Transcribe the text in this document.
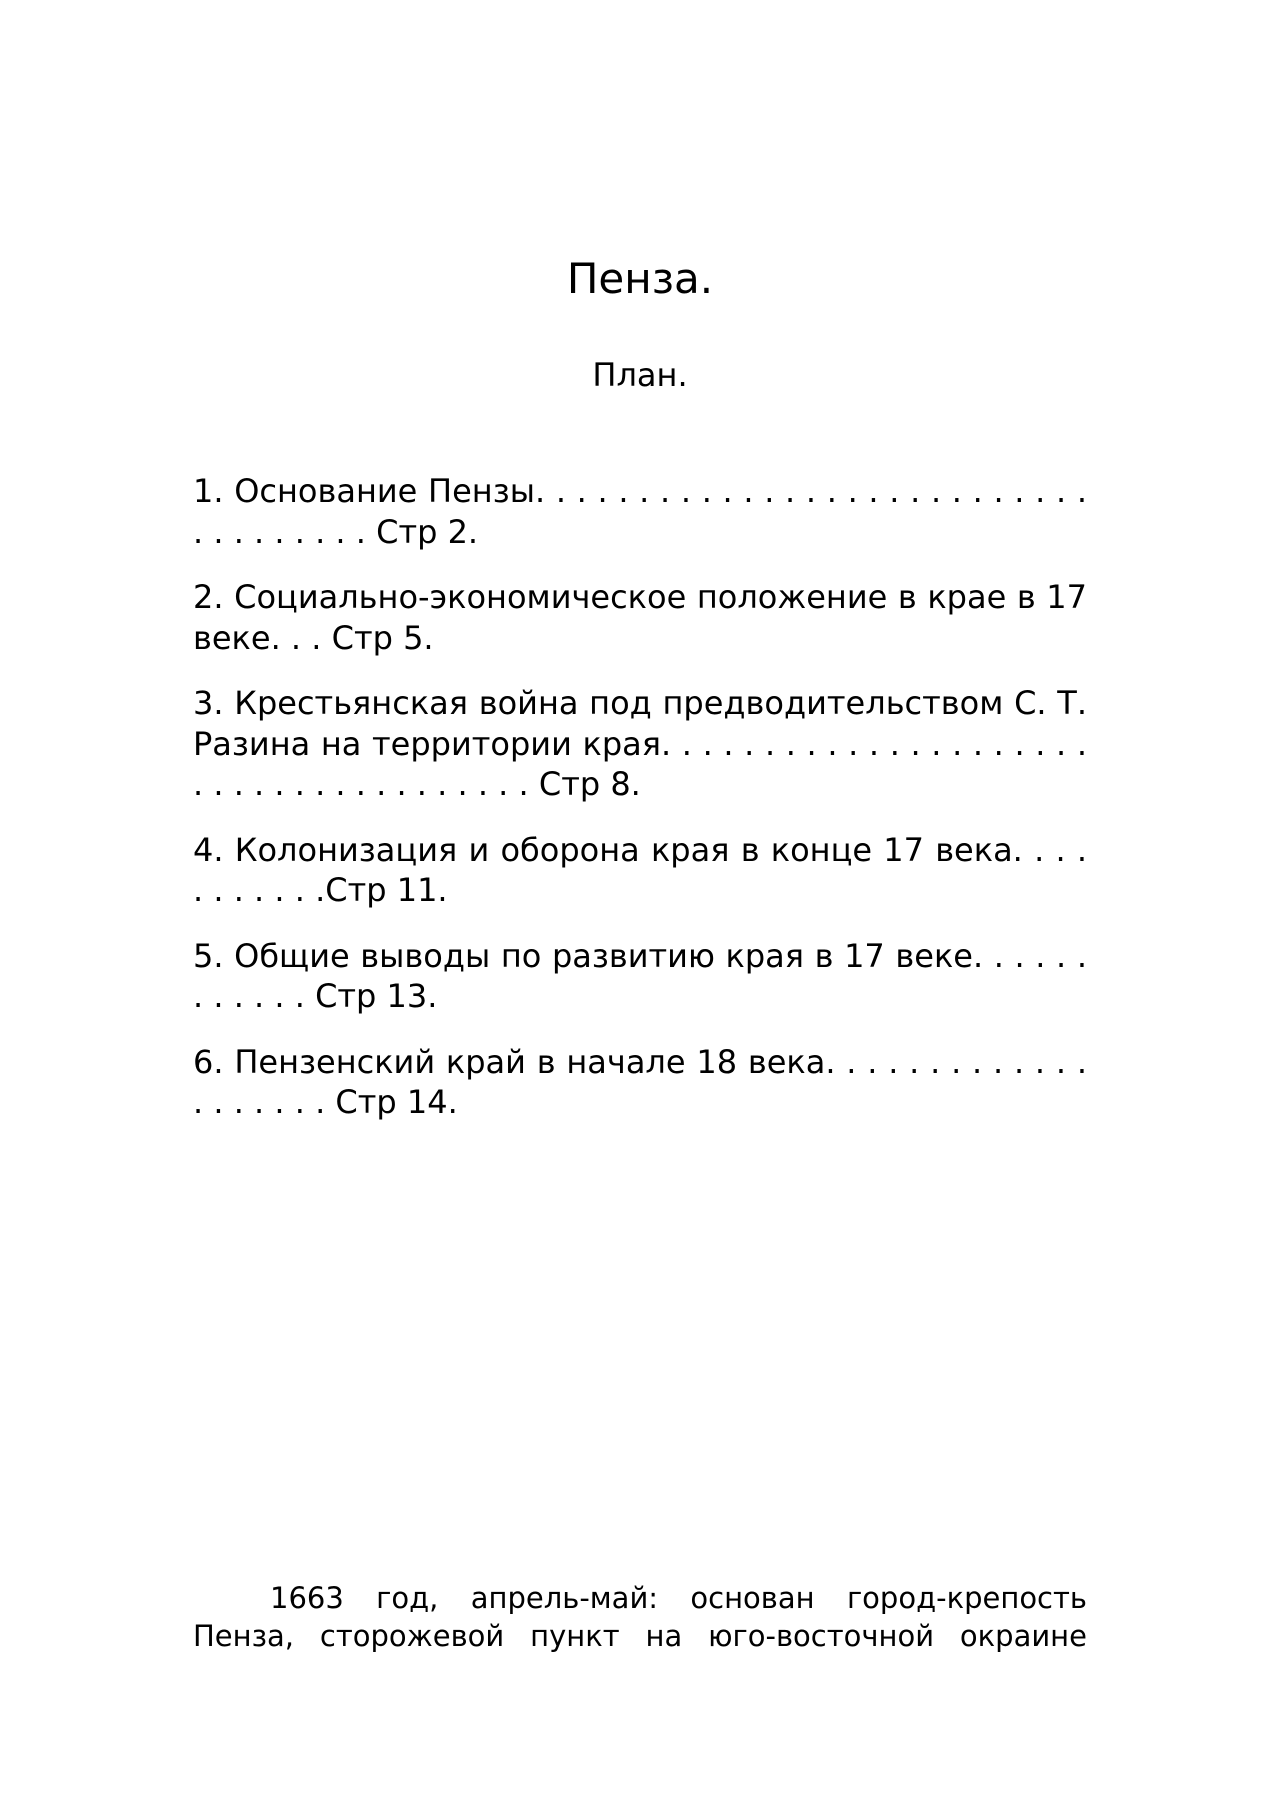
Пенза.
План.
1. Основание Пензы. . . . . . . . . . . . . . . . . . . . . . . . . . . . . . . . . . . . Стр 2.
2. Социально-экономическое положение в крае в 17 веке. . . Стр 5.
3. Крестьянская война под предводительством С. Т. Разина на территории края. . . . . . . . . . . . . . . . . . . . . . . . . . . . . . . . . . . . . . Стр 8.
4. Колонизация и оборона края в конце 17 века. . . . . . . . . . .Стр 11.
5. Общие выводы по развитию края в 17 веке. . . . . . . . . . . . Стр 13.
6. Пензенский край в начале 18 века. . . . . . . . . . . . . . . . . . . . Стр 14.

1663 год, апрель-май: основан город-крепость Пенза, сторожевой пункт на юго-восточной окраине
